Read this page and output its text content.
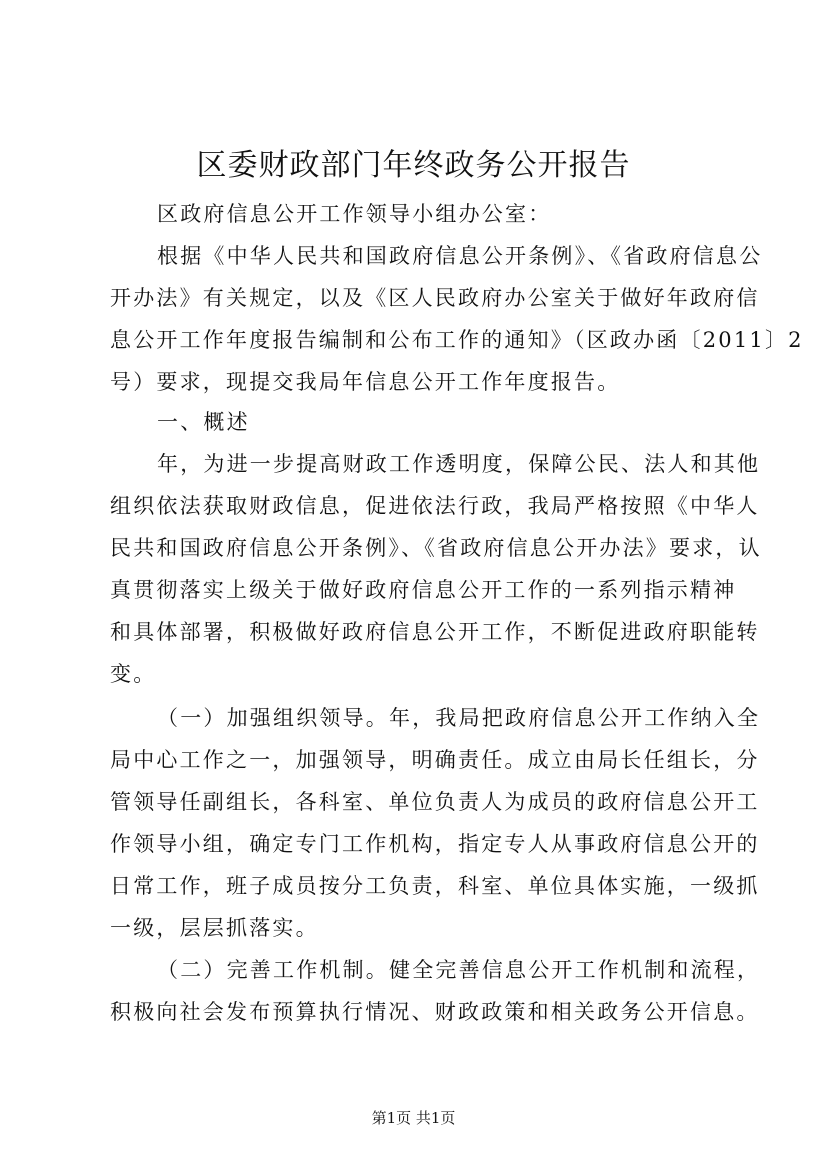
区委财政部门年终政务公开报告
区政府信息公开工作领导小组办公室：
根据《中华人民共和国政府信息公开条例》、《省政府信息公
开办法》有关规定，以及《区人民政府办公室关于做好年政府信
息公开工作年度报告编制和公布工作的通知》（区政办函〔2011〕2
号）要求，现提交我局年信息公开工作年度报告。
一、概述
年，为进一步提高财政工作透明度，保障公民、法人和其他
组织依法获取财政信息，促进依法行政，我局严格按照《中华人
民共和国政府信息公开条例》、《省政府信息公开办法》要求，认
真贯彻落实上级关于做好政府信息公开工作的一系列指示精神
和具体部署，积极做好政府信息公开工作，不断促进政府职能转
变。
（一）加强组织领导。年，我局把政府信息公开工作纳入全
局中心工作之一，加强领导，明确责任。成立由局长任组长，分
管领导任副组长，各科室、单位负责人为成员的政府信息公开工
作领导小组，确定专门工作机构，指定专人从事政府信息公开的
日常工作，班子成员按分工负责，科室、单位具体实施，一级抓
一级，层层抓落实。
（二）完善工作机制。健全完善信息公开工作机制和流程，
积极向社会发布预算执行情况、财政政策和相关政务公开信息。
第1页 共1页
